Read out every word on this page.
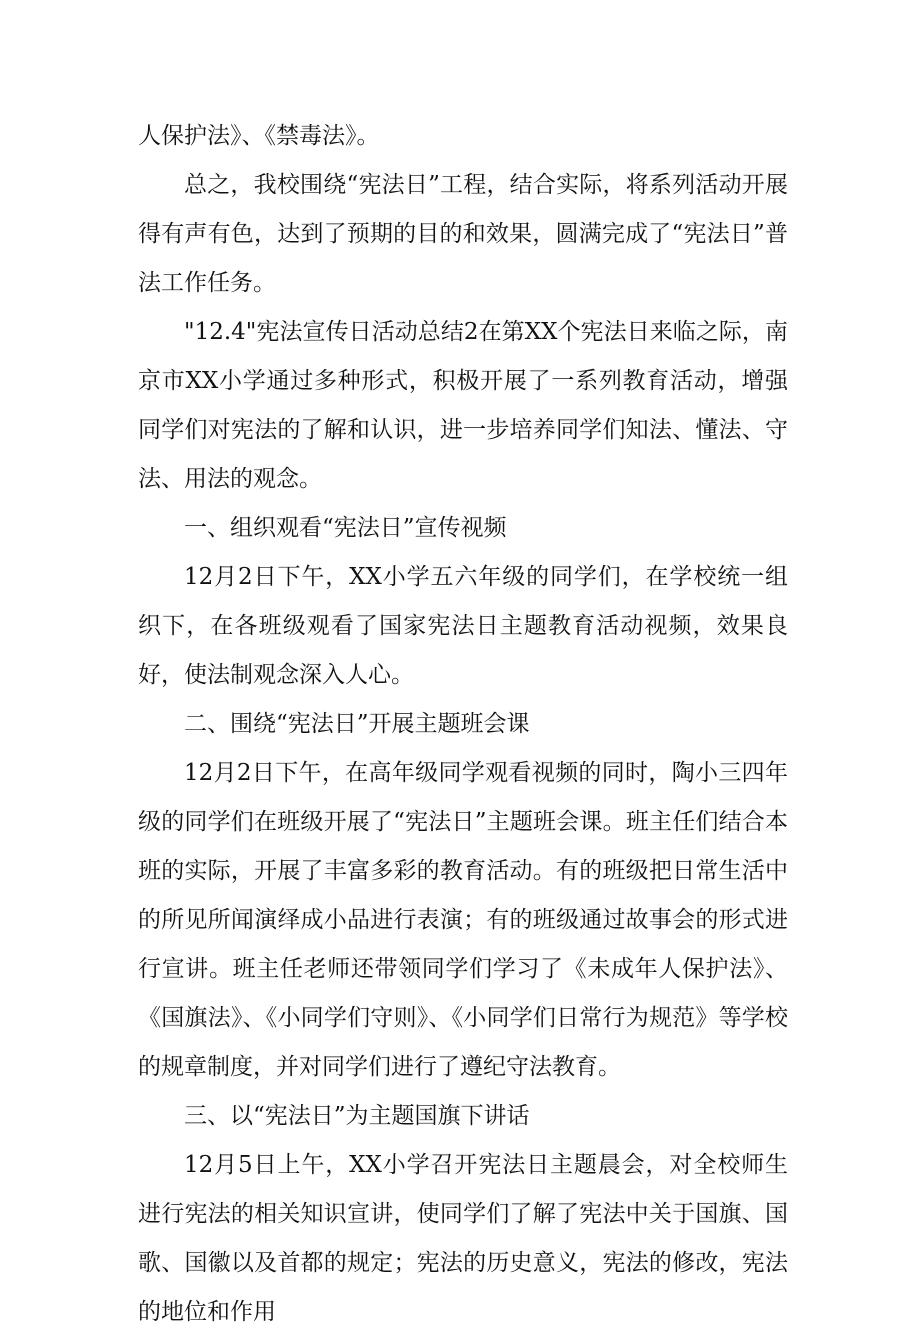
人保护法》、《禁毒法》。

总之，我校围绕“宪法日”工程，结合实际，将系列活动开展得有声有色，达到了预期的目的和效果，圆满完成了“宪法日”普法工作任务。

"12.4"宪法宣传日活动总结2在第XX个宪法日来临之际，南京市XX小学通过多种形式，积极开展了一系列教育活动，增强同学们对宪法的了解和认识，进一步培养同学们知法、懂法、守法、用法的观念。

一、组织观看“宪法日”宣传视频

12月2日下午，XX小学五六年级的同学们，在学校统一组织下，在各班级观看了国家宪法日主题教育活动视频，效果良好，使法制观念深入人心。

二、围绕“宪法日”开展主题班会课

12月2日下午，在高年级同学观看视频的同时，陶小三四年级的同学们在班级开展了“宪法日”主题班会课。班主任们结合本班的实际，开展了丰富多彩的教育活动。有的班级把日常生活中的所见所闻演绎成小品进行表演；有的班级通过故事会的形式进行宣讲。班主任老师还带领同学们学习了《未成年人保护法》、《国旗法》、《小同学们守则》、《小同学们日常行为规范》等学校的规章制度，并对同学们进行了遵纪守法教育。

三、以“宪法日”为主题国旗下讲话

12月5日上午，XX小学召开宪法日主题晨会，对全校师生进行宪法的相关知识宣讲，使同学们了解了宪法中关于国旗、国歌、国徽以及首都的规定；宪法的历史意义，宪法的修改，宪法的地位和作用
